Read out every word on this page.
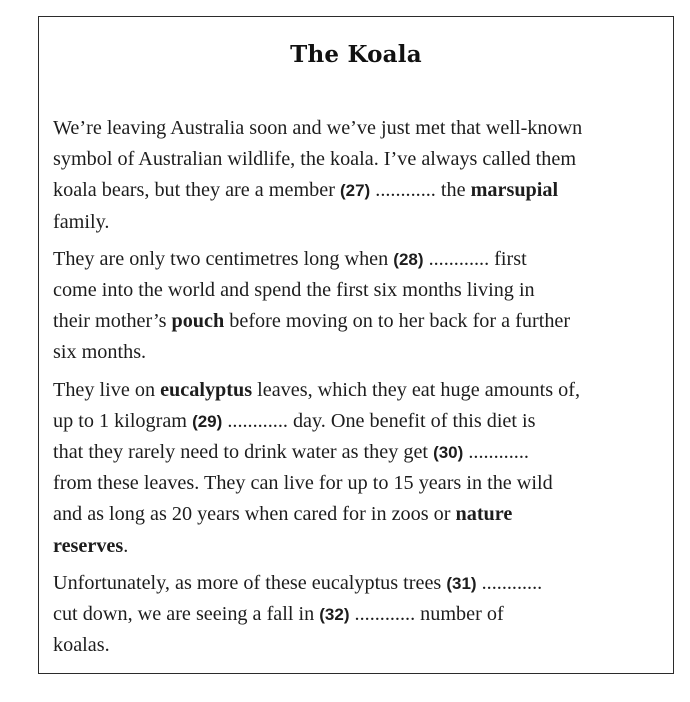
The Koala
We’re leaving Australia soon and we’ve just met that well-known
symbol of Australian wildlife, the koala. I’ve always called them
koala bears, but they are a member (27) ............ the marsupial
family.
They are only two centimetres long when (28) ............ first
come into the world and spend the first six months living in
their mother’s pouch before moving on to her back for a further
six months.
They live on eucalyptus leaves, which they eat huge amounts of,
up to 1 kilogram (29) ............ day. One benefit of this diet is
that they rarely need to drink water as they get (30) ............
from these leaves. They can live for up to 15 years in the wild
and as long as 20 years when cared for in zoos or nature
reserves.
Unfortunately, as more of these eucalyptus trees (31) ............
cut down, we are seeing a fall in (32) ............ number of
koalas.
